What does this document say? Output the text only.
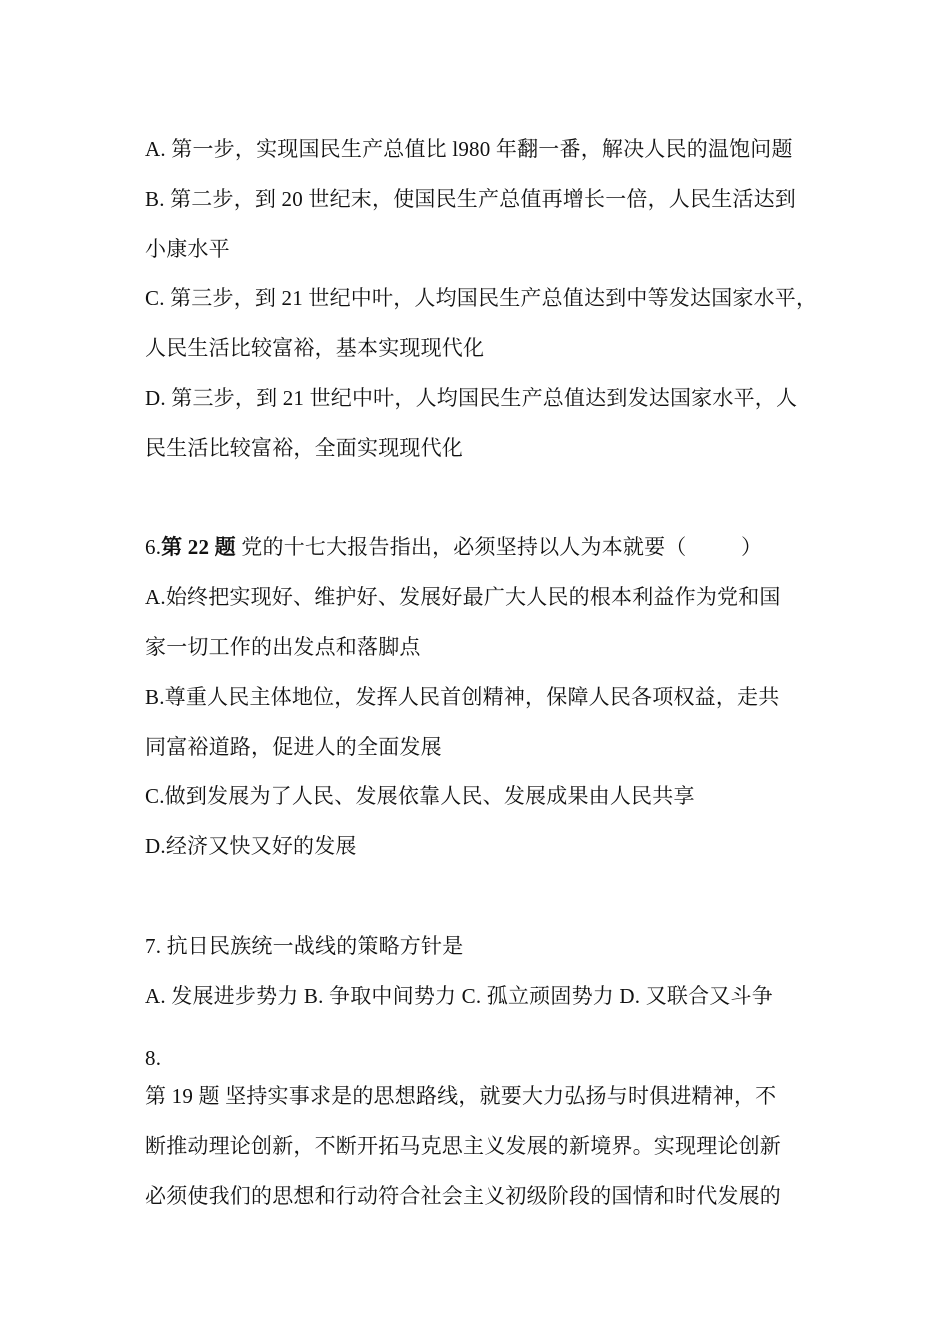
A. 第一步，实现国民生产总值比 l980 年翻一番，解决人民的温饱问题
B. 第二步，到 20 世纪末，使国民生产总值再增长一倍，人民生活达到
小康水平
C. 第三步，到 21 世纪中叶，人均国民生产总值达到中等发达国家水平，
人民生活比较富裕，基本实现现代化
D. 第三步，到 21 世纪中叶，人均国民生产总值达到发达国家水平，人
民生活比较富裕，全面实现现代化
6.第 22 题 党的十七大报告指出，必须坚持以人为本就要（          ）
A.始终把实现好、维护好、发展好最广大人民的根本利益作为党和国
家一切工作的出发点和落脚点
B.尊重人民主体地位，发挥人民首创精神，保障人民各项权益，走共
同富裕道路，促进人的全面发展
C.做到发展为了人民、发展依靠人民、发展成果由人民共享
D.经济又快又好的发展
7. 抗日民族统一战线的策略方针是
A. 发展进步势力 B. 争取中间势力 C. 孤立顽固势力 D. 又联合又斗争
8.
第 19 题 坚持实事求是的思想路线，就要大力弘扬与时俱进精神，不
断推动理论创新，不断开拓马克思主义发展的新境界。实现理论创新
必须使我们的思想和行动符合社会主义初级阶段的国情和时代发展的
